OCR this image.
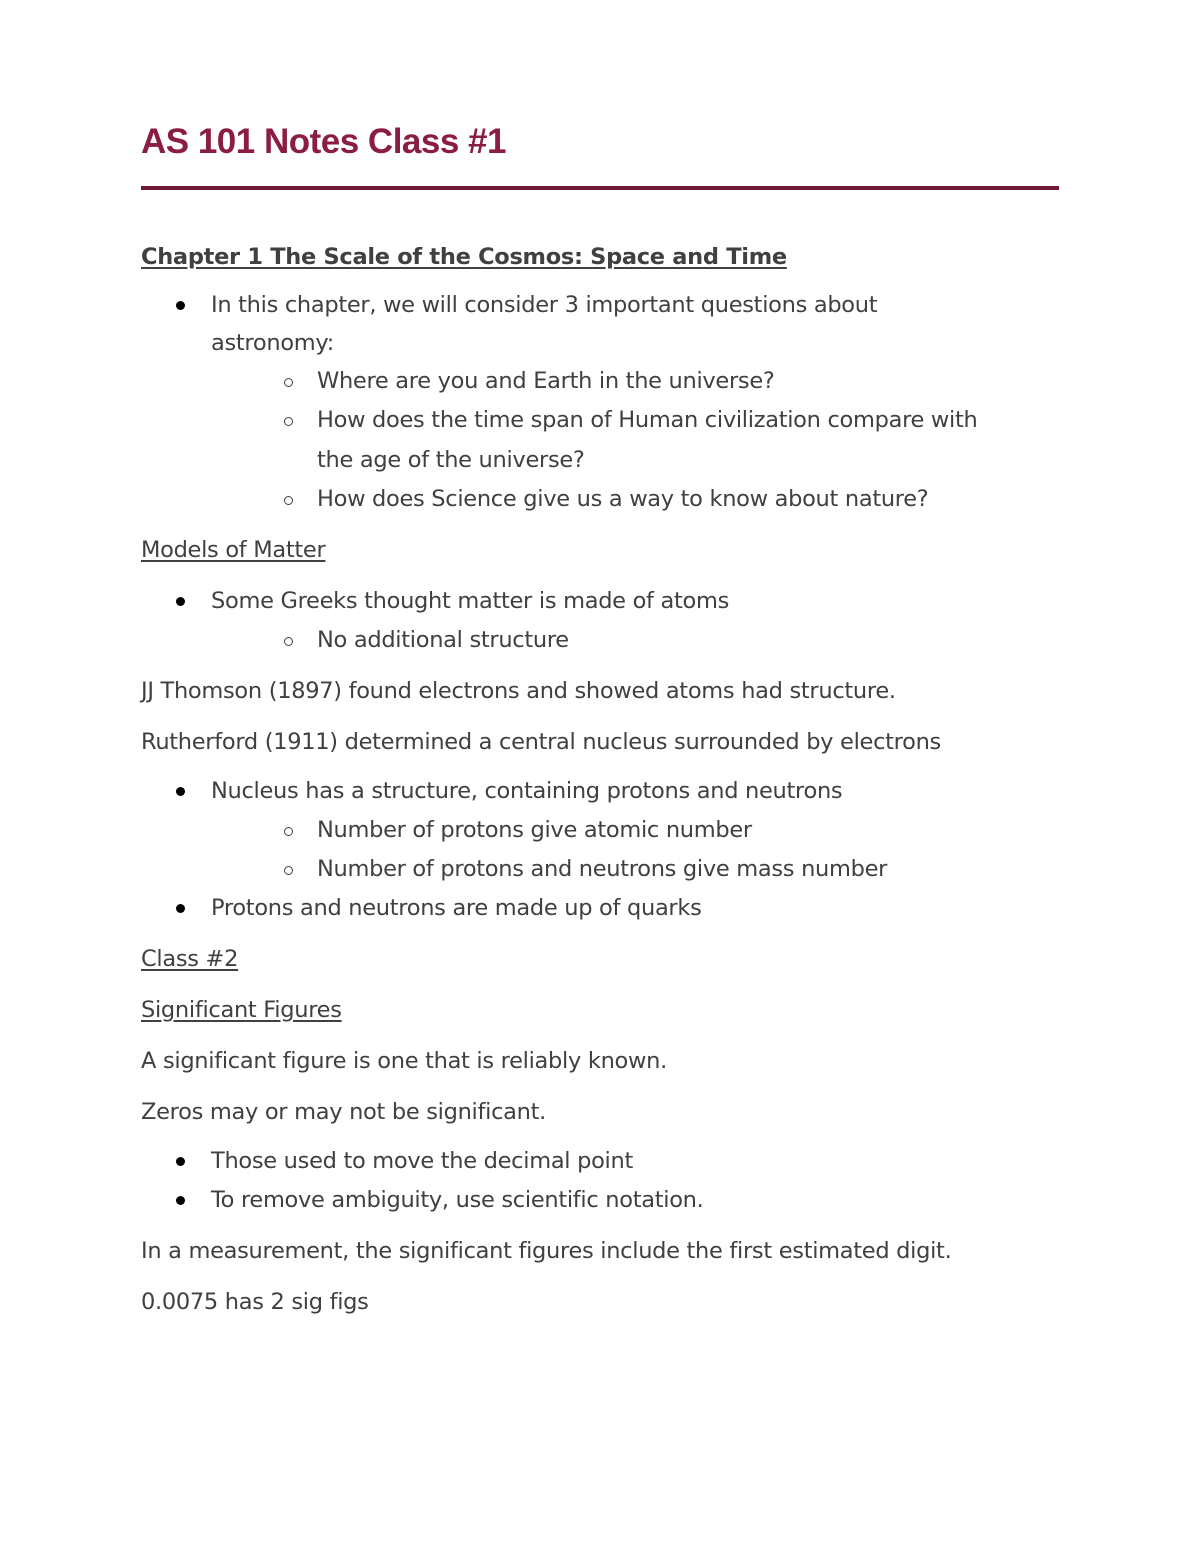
AS 101 Notes Class #1
Chapter 1 The Scale of the Cosmos: Space and Time
In this chapter, we will consider 3 important questions about
astronomy:
Where are you and Earth in the universe?
How does the time span of Human civilization compare with
the age of the universe?
How does Science give us a way to know about nature?
Models of Matter
Some Greeks thought matter is made of atoms
No additional structure
JJ Thomson (1897) found electrons and showed atoms had structure.
Rutherford (1911) determined a central nucleus surrounded by electrons
Nucleus has a structure, containing protons and neutrons
Number of protons give atomic number
Number of protons and neutrons give mass number
Protons and neutrons are made up of quarks
Class #2
Significant Figures
A significant figure is one that is reliably known.
Zeros may or may not be significant.
Those used to move the decimal point
To remove ambiguity, use scientific notation.
In a measurement, the significant figures include the first estimated digit.
0.0075 has 2 sig figs
